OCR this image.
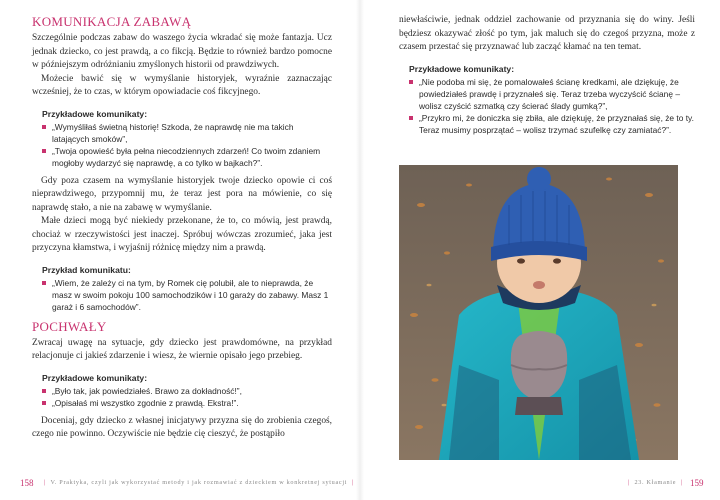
KOMUNIKACJA ZABAWĄ

Szczególnie podczas zabaw do waszego życia wkradać się może fantazja. Ucz jednak dziecko, co jest prawdą, a co fikcją. Będzie to również bardzo pomocne w późniejszym odróżnianiu zmyślonych historii od prawdziwych.

Możecie bawić się w wymyślanie historyjek, wyraźnie zaznaczając wcześniej, że to czas, w którym opowiadacie coś fikcyjnego.

Przykładowe komunikaty:
„Wymyśliłaś świetną historię! Szkoda, że naprawdę nie ma takich latających smoków”,
„Twoja opowieść była pełna niecodziennych zdarzeń! Co twoim zdaniem mogłoby wydarzyć się naprawdę, a co tylko w bajkach?”.

Gdy poza czasem na wymyślanie historyjek twoje dziecko opowie ci coś nieprawdziwego, przypomnij mu, że teraz jest pora na mówienie, co się naprawdę stało, a nie na zabawę w wymyślanie.

Małe dzieci mogą być niekiedy przekonane, że to, co mówią, jest prawdą, chociaż w rzeczywistości jest inaczej. Spróbuj wówczas zrozumieć, jaka jest przyczyna kłamstwa, i wyjaśnij różnicę między nim a prawdą.

Przykład komunikatu:
„Wiem, że zależy ci na tym, by Romek cię polubił, ale to nieprawda, że masz w swoim pokoju 100 samochodzików i 10 garaży do zabawy. Masz 1 garaż i 6 samochodów”.
POCHWAŁY

Zwracaj uwagę na sytuacje, gdy dziecko jest prawdomówne, na przykład relacjonuje ci jakieś zdarzenie i wiesz, że wiernie opisało jego przebieg.

Przykładowe komunikaty:
„Było tak, jak powiedziałeś. Brawo za dokładność!”,
„Opisałaś mi wszystko zgodnie z prawdą. Ekstra!”.

Doceniaj, gdy dziecko z własnej inicjatywy przyzna się do zrobienia czegoś, czego nie powinno. Oczywiście nie będzie cię cieszyć, że postąpiło

158 |  V. Praktyka, czyli jak wykorzystać metody i jak rozmawiać z dzieckiem w konkretnej sytuacji  |

niewłaściwie, jednak oddziel zachowanie od przyznania się do winy. Jeśli będziesz okazywać złość po tym, jak maluch się do czegoś przyzna, może z czasem przestać się przyznawać lub zacząć kłamać na ten temat.

Przykładowe komunikaty:
„Nie podoba mi się, że pomalowałeś ścianę kredkami, ale dziękuję, że powiedziałeś prawdę i przyznałeś się. Teraz trzeba wyczyścić ścianę – wolisz czyścić szmatką czy ścierać ślady gumką?”,
„Przykro mi, że doniczka się zbiła, ale dziękuję, że przyznałaś się, że to ty. Teraz musimy posprzątać – wolisz trzymać szufelkę czy zamiatać?”.
|  23. Kłamanie  | 159
